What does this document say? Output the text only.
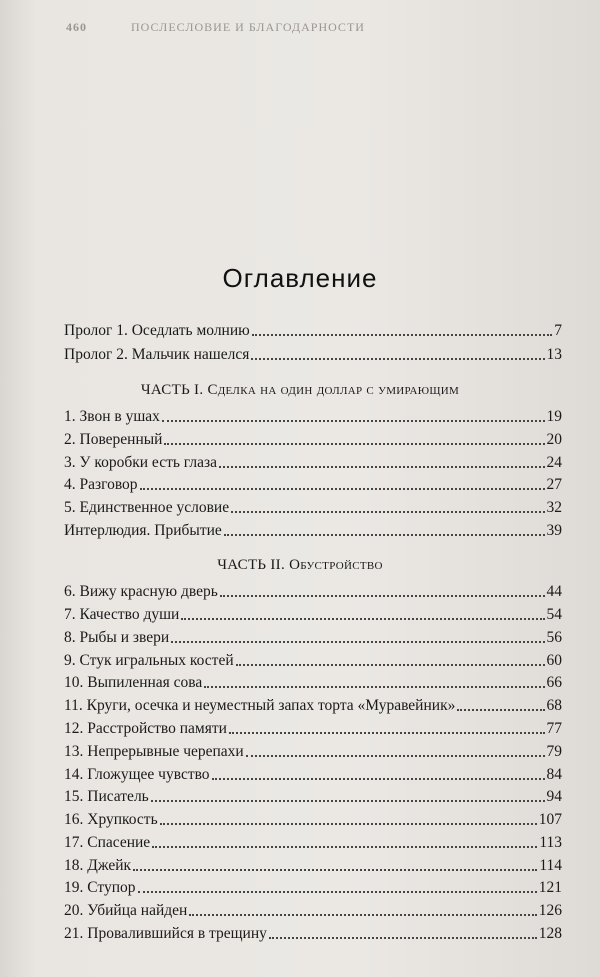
460	ПОСЛЕСЛОВИЕ И БЛАГОДАРНОСТИ
Оглавление
Пролог 1. Оседлать молнию	7
Пролог 2. Мальчик нашелся	13
ЧАСТЬ I. Сделка на один доллар с умирающим
1. Звон в ушах	19
2. Поверенный	20
3. У коробки есть глаза	24
4. Разговор	27
5. Единственное условие	32
Интерлюдия. Прибытие	39
ЧАСТЬ II. Обустройство
6. Вижу красную дверь	44
7. Качество души	54
8. Рыбы и звери	56
9. Стук игральных костей	60
10. Выпиленная сова	66
11. Круги, осечка и неуместный запах торта «Муравейник»	68
12. Расстройство памяти	77
13. Непрерывные черепахи	79
14. Гложущее чувство	84
15. Писатель	94
16. Хрупкость	107
17. Спасение	113
18. Джейк	114
19. Ступор	121
20. Убийца найден	126
21. Провалившийся в трещину	128
